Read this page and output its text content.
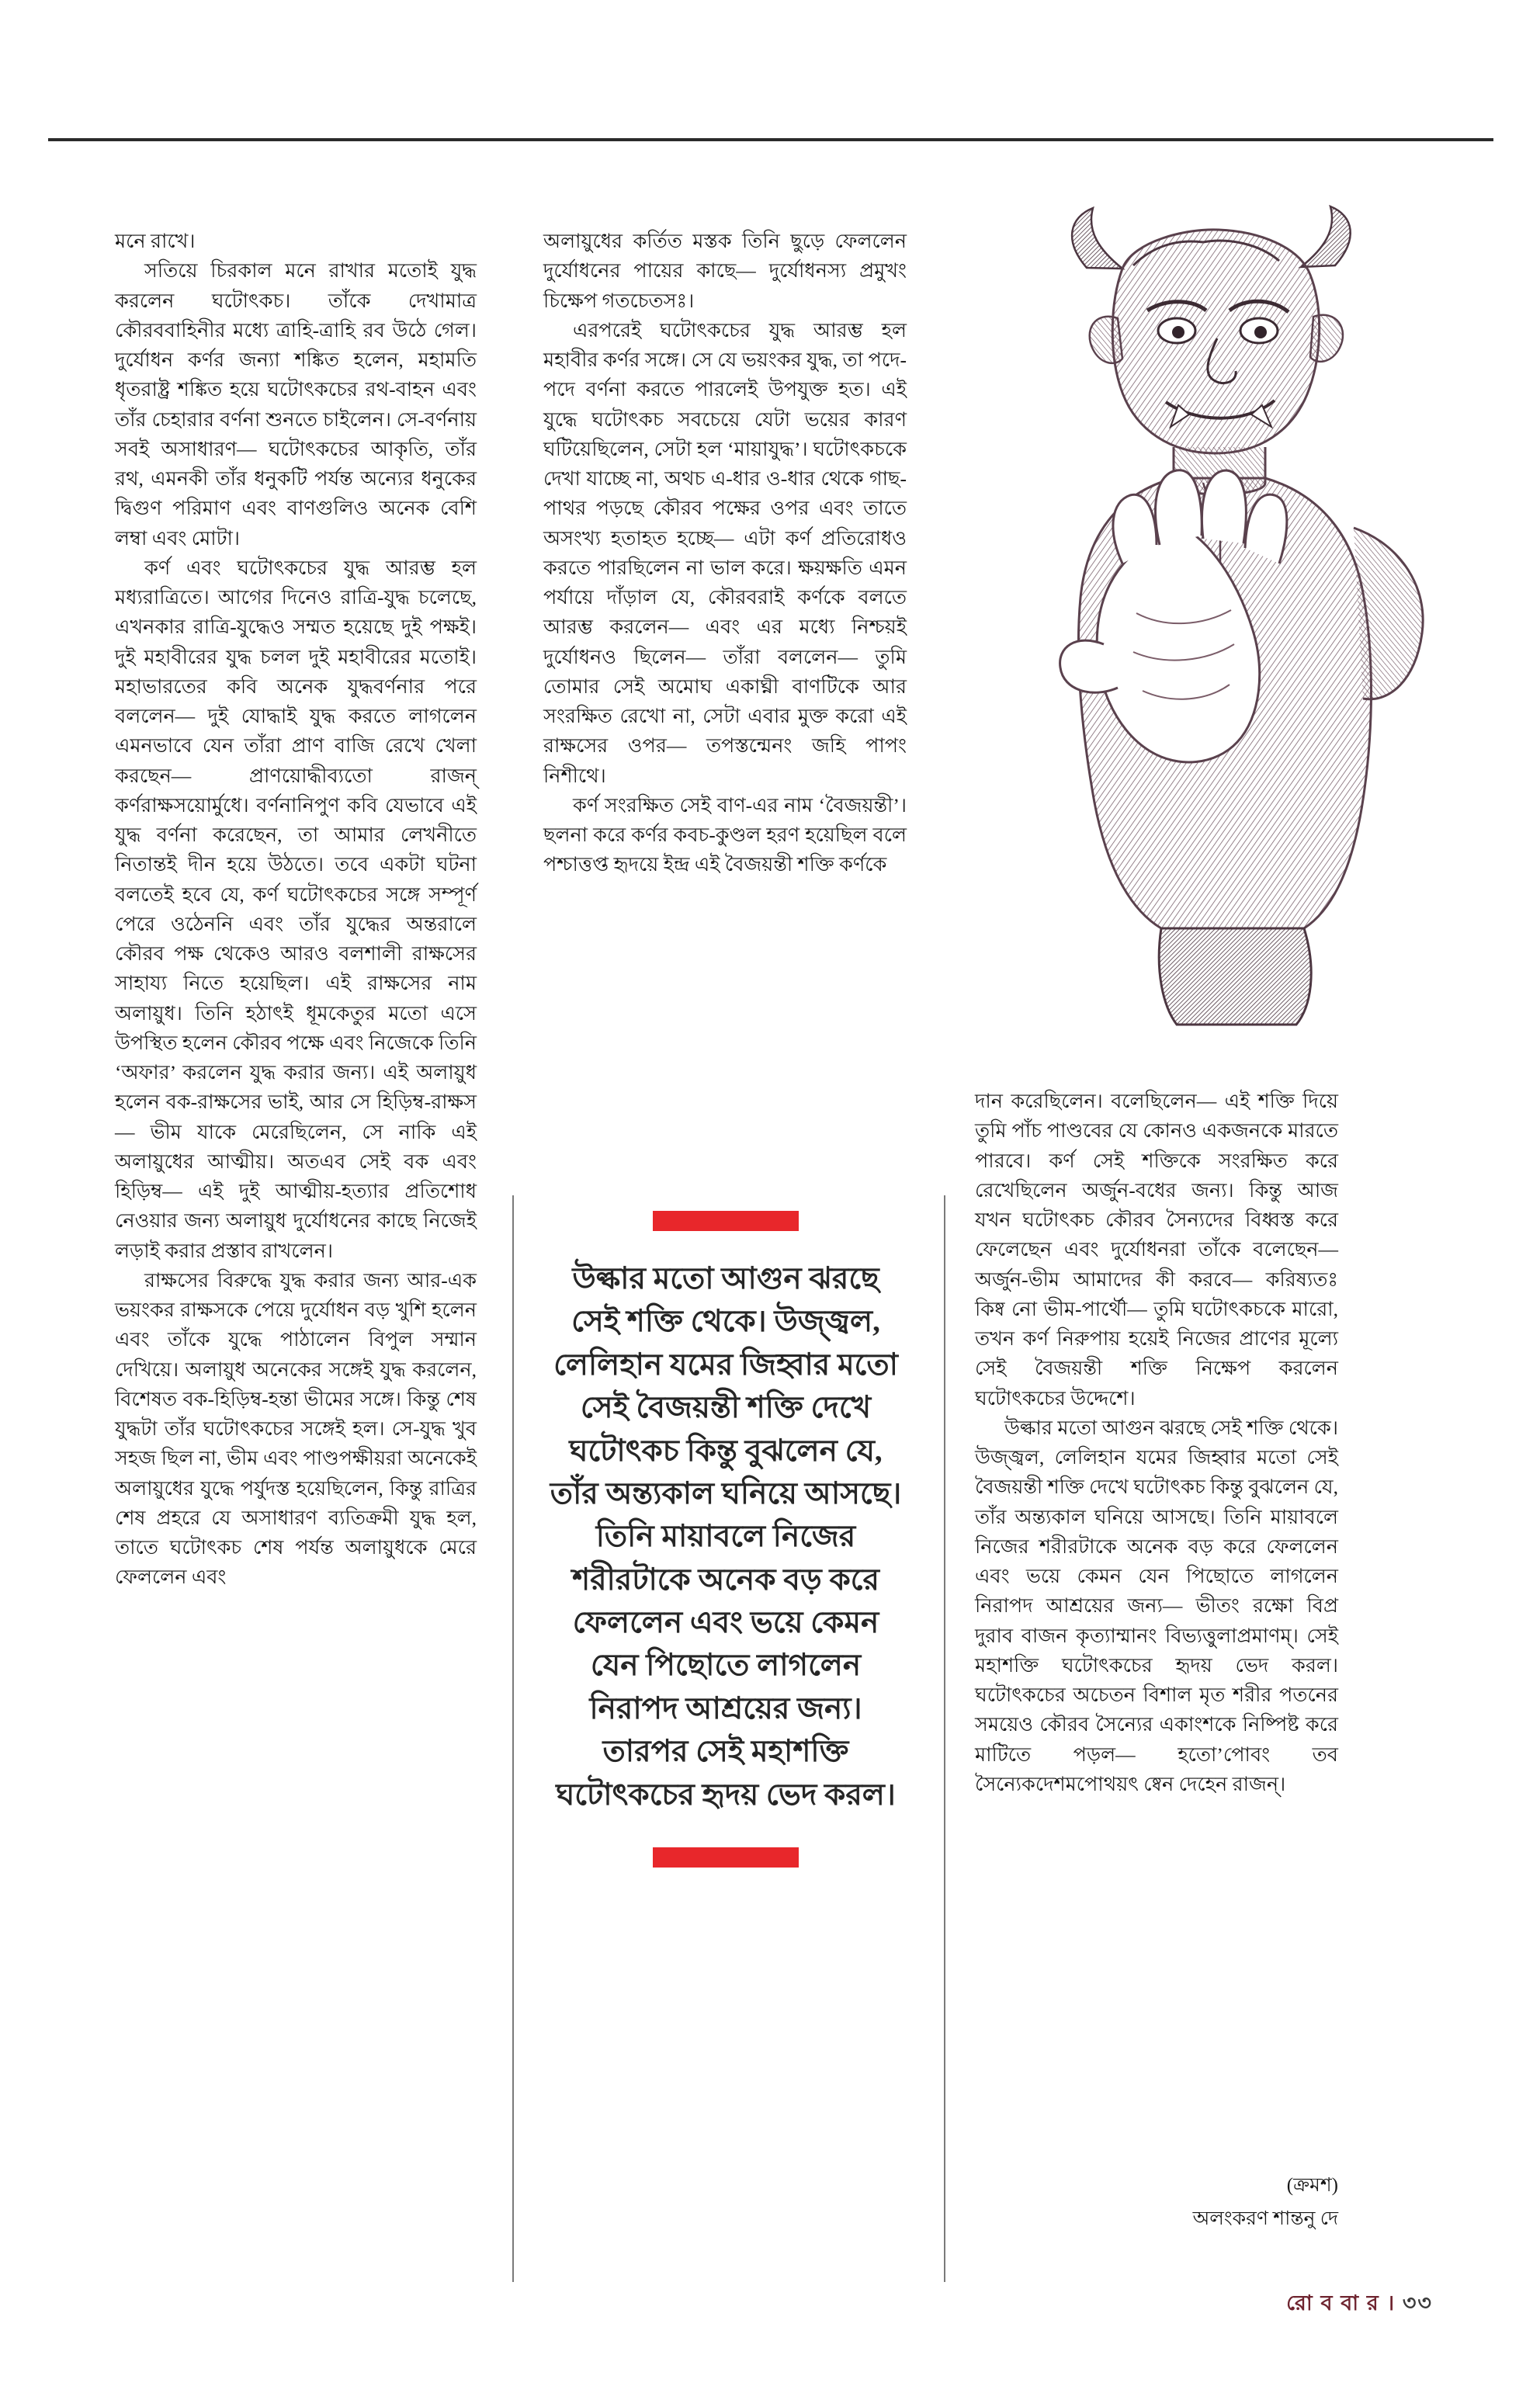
মনে রাখে।

সতিয়ে চিরকাল মনে রাখার মতোই যুদ্ধ করলেন ঘটোৎকচ। তাঁকে দেখামাত্র কৌরববাহিনীর মধ্যে ত্রাহি-ত্রাহি রব উঠে গেল। দুর্যোধন কর্ণর জন্যা শঙ্কিত হলেন, মহামতি ধৃতরাষ্ট্র শঙ্কিত হয়ে ঘটোৎকচের রথ-বাহন এবং তাঁর চেহারার বর্ণনা শুনতে চাইলেন। সে-বর্ণনায় সবই অসাধারণ— ঘটোৎকচের আকৃতি, তাঁর রথ, এমনকী তাঁর ধনুকটি পর্যন্ত অন্যের ধনুকের দ্বিগুণ পরিমাণ এবং বাণগুলিও অনেক বেশি লম্বা এবং মোটা।

কর্ণ এবং ঘটোৎকচের যুদ্ধ আরম্ভ হল মধ্যরাত্রিতে। আগের দিনেও রাত্রি-যুদ্ধ চলেছে, এখনকার রাত্রি-যুদ্ধেও সম্মত হয়েছে দুই পক্ষই। দুই মহাবীরের যুদ্ধ চলল দুই মহাবীরের মতোই। মহাভারতের কবি অনেক যুদ্ধবর্ণনার পরে বললেন— দুই যোদ্ধাই যুদ্ধ করতে লাগলেন এমনভাবে যেন তাঁরা প্রাণ বাজি রেখে খেলা করছেন— প্রাণয়োদ্ধীব্যতো রাজন্ কর্ণরাক্ষসয়োর্মুধে। বর্ণনানিপুণ কবি যেভাবে এই যুদ্ধ বর্ণনা করেছেন, তা আমার লেখনীতে নিতান্তই দীন হয়ে উঠতে। তবে একটা ঘটনা বলতেই হবে যে, কর্ণ ঘটোৎকচের সঙ্গে সম্পূর্ণ পেরে ওঠেননি এবং তাঁর যুদ্ধের অন্তরালে কৌরব পক্ষ থেকেও আরও বলশালী রাক্ষসের সাহায্য নিতে হয়েছিল। এই রাক্ষসের নাম অলায়ুধ। তিনি হঠাৎই ধূমকেতুর মতো এসে উপস্থিত হলেন কৌরব পক্ষে এবং নিজেকে তিনি ‘অফার’ করলেন যুদ্ধ করার জন্য। এই অলায়ুধ হলেন বক-রাক্ষসের ভাই, আর সে হিড়িম্ব-রাক্ষস— ভীম যাকে মেরেছিলেন, সে নাকি এই অলায়ুধের আত্মীয়। অতএব সেই বক এবং হিড়িম্ব— এই দুই আত্মীয়-হত্যার প্রতিশোধ নেওয়ার জন্য অলায়ুধ দুর্যোধনের কাছে নিজেই লড়াই করার প্রস্তাব রাখলেন।

রাক্ষসের বিরুদ্ধে যুদ্ধ করার জন্য আর-এক ভয়ংকর রাক্ষসকে পেয়ে দুর্যোধন বড় খুশি হলেন এবং তাঁকে যুদ্ধে পাঠালেন বিপুল সম্মান দেখিয়ে। অলায়ুধ অনেকের সঙ্গেই যুদ্ধ করলেন, বিশেষত বক-হিড়িম্ব-হন্তা ভীমের সঙ্গে। কিন্তু শেষ যুদ্ধটা তাঁর ঘটোৎকচের সঙ্গেই হল। সে-যুদ্ধ খুব সহজ ছিল না, ভীম এবং পাণ্ডপক্ষীয়রা অনেকেই অলায়ুধের যুদ্ধে পর্যুদস্ত হয়েছিলেন, কিন্তু রাত্রির শেষ প্রহরে যে অসাধারণ ব্যতিক্রমী যুদ্ধ হল, তাতে ঘটোৎকচ শেষ পর্যন্ত অলায়ুধকে মেরে ফেললেন এবং

অলায়ুধের কর্তিত মস্তক তিনি ছুড়ে ফেললেন দুর্যোধনের পায়ের কাছে— দুর্যোধনস্য প্রমুখং চিক্ষেপ গতচেতসঃ।

এরপরেই ঘটোৎকচের যুদ্ধ আরম্ভ হল মহাবীর কর্ণর সঙ্গে। সে যে ভয়ংকর যুদ্ধ, তা পদে-পদে বর্ণনা করতে পারলেই উপযুক্ত হত। এই যুদ্ধে ঘটোৎকচ সবচেয়ে যেটা ভয়ের কারণ ঘটিয়েছিলেন, সেটা হল ‘মায়াযুদ্ধ’। ঘটোৎকচকে দেখা যাচ্ছে না, অথচ এ-ধার ও-ধার থেকে গাছ-পাথর পড়ছে কৌরব পক্ষের ওপর এবং তাতে অসংখ্য হতাহত হচ্ছে— এটা কর্ণ প্রতিরোধও করতে পারছিলেন না ভাল করে। ক্ষয়ক্ষতি এমন পর্যায়ে দাঁড়াল যে, কৌরবরাই কর্ণকে বলতে আরম্ভ করলেন— এবং এর মধ্যে নিশ্চয়ই দুর্যোধনও ছিলেন— তাঁরা বললেন— তুমি তোমার সেই অমোঘ একাঘ্নী বাণটিকে আর সংরক্ষিত রেখো না, সেটা এবার মুক্ত করো এই রাক্ষসের ওপর— তপস্তন্মেনং জহি পাপং নিশীথে।

কর্ণ সংরক্ষিত সেই বাণ-এর নাম ‘বৈজয়ন্তী’। ছলনা করে কর্ণর কবচ-কুণ্ডল হরণ হয়েছিল বলে পশ্চাত্তপ্ত হৃদয়ে ইন্দ্র এই বৈজয়ন্তী শক্তি কর্ণকে

উল্কার মতো আগুন ঝরছে সেই শক্তি থেকে। উজ্জ্বল, লেলিহান যমের জিহ্বার মতো সেই বৈজয়ন্তী শক্তি দেখে ঘটোৎকচ কিন্তু বুঝলেন যে, তাঁর অন্ত্যকাল ঘনিয়ে আসছে। তিনি মায়াবলে নিজের শরীরটাকে অনেক বড় করে ফেললেন এবং ভয়ে কেমন যেন পিছোতে লাগলেন নিরাপদ আশ্রয়ের জন্য। তারপর সেই মহাশক্তি ঘটোৎকচের হৃদয় ভেদ করল।

দান করেছিলেন। বলেছিলেন— এই শক্তি দিয়ে তুমি পাঁচ পাণ্ডবের যে কোনও একজনকে মারতে পারবে। কর্ণ সেই শক্তিকে সংরক্ষিত করে রেখেছিলেন অর্জুন-বধের জন্য। কিন্তু আজ যখন ঘটোৎকচ কৌরব সৈন্যদের বিধ্বস্ত করে ফেলেছেন এবং দুর্যোধনরা তাঁকে বলেছেন— অর্জুন-ভীম আমাদের কী করবে— করিষ্যতঃ কিষ্ব নো ভীম-পার্থৌ— তুমি ঘটোৎকচকে মারো, তখন কর্ণ নিরুপায় হয়েই নিজের প্রাণের মূল্যে সেই বৈজয়ন্তী শক্তি নিক্ষেপ করলেন ঘটোৎকচের উদ্দেশে।

উল্কার মতো আগুন ঝরছে সেই শক্তি থেকে। উজ্জ্বল, লেলিহান যমের জিহ্বার মতো সেই বৈজয়ন্তী শক্তি দেখে ঘটোৎকচ কিন্তু বুঝলেন যে, তাঁর অন্ত্যকাল ঘনিয়ে আসছে। তিনি মায়াবলে নিজের শরীরটাকে অনেক বড় করে ফেললেন এবং ভয়ে কেমন যেন পিছোতে লাগলেন নিরাপদ আশ্রয়ের জন্য— ভীতং রক্ষো বিপ্র দুরাব বাজন কৃত্যাম্মানং বিভ্যত্তুলাপ্রমাণম্। সেই মহাশক্তি ঘটোৎকচের হৃদয় ভেদ করল। ঘটোৎকচের অচেতন বিশাল মৃত শরীর পতনের সময়েও কৌরব সৈন্যের একাংশকে নিষ্পিষ্ট করে মাটিতে পড়ল— হতো’পোবং তব সৈন্যেকদেশমপোথয়ৎ ষ্বেন দেহেন রাজন্।

(ক্রমশ)
অলংকরণ শান্তনু দে
রো ব বা র । ৩৩
